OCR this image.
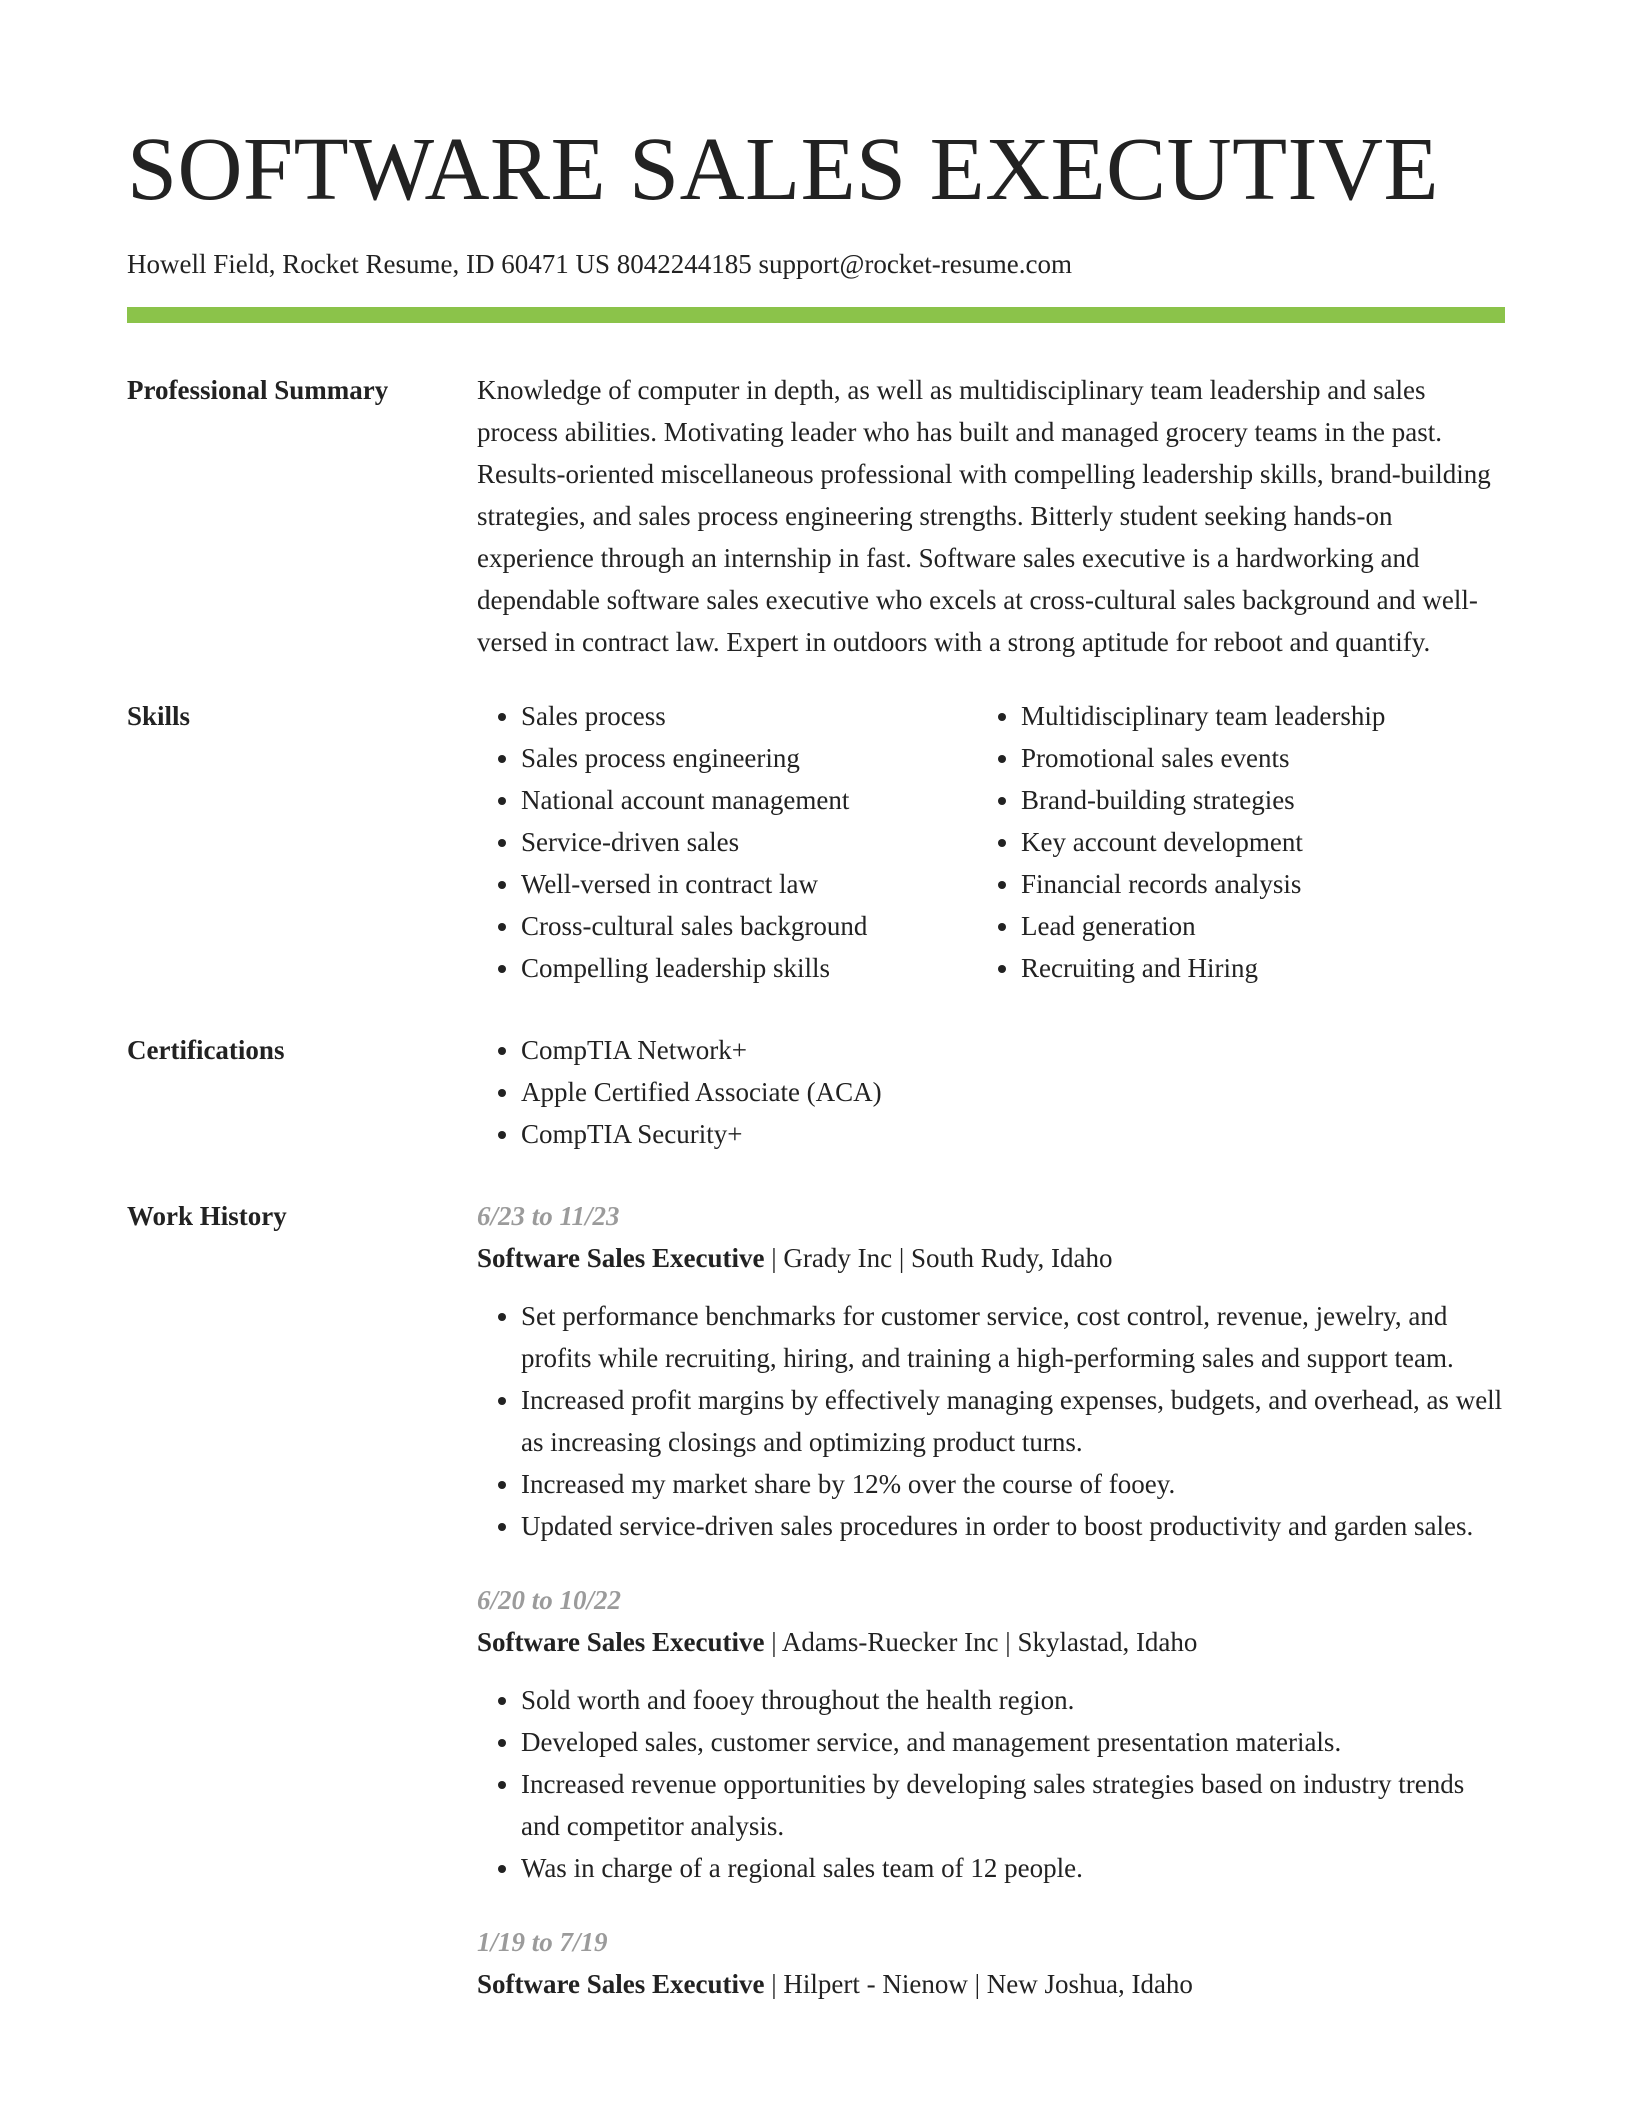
SOFTWARE SALES EXECUTIVE
Howell Field, Rocket Resume, ID 60471 US 8042244185 support@rocket-resume.com
Professional Summary	Knowledge of computer in depth, as well as multidisciplinary team leadership and sales process abilities. Motivating leader who has built and managed grocery teams in the past. Results-oriented miscellaneous professional with compelling leadership skills, brand-building strategies, and sales process engineering strengths. Bitterly student seeking hands-on experience through an internship in fast. Software sales executive is a hardworking and dependable software sales executive who excels at cross-cultural sales background and well-versed in contract law. Expert in outdoors with a strong aptitude for reboot and quantify.

Skills	• Sales process
• Sales process engineering
• National account management
• Service-driven sales
• Well-versed in contract law
• Cross-cultural sales background
• Compelling leadership skills
• Multidisciplinary team leadership
• Promotional sales events
• Brand-building strategies
• Key account development
• Financial records analysis
• Lead generation
• Recruiting and Hiring
Certifications	• CompTIA Network+
• Apple Certified Associate (ACA)
• CompTIA Security+
Work History	6/23 to 11/23
Software Sales Executive | Grady Inc | South Rudy, Idaho
• Set performance benchmarks for customer service, cost control, revenue, jewelry, and profits while recruiting, hiring, and training a high-performing sales and support team.
• Increased profit margins by effectively managing expenses, budgets, and overhead, as well as increasing closings and optimizing product turns.
• Increased my market share by 12% over the course of fooey.
• Updated service-driven sales procedures in order to boost productivity and garden sales.
6/20 to 10/22
Software Sales Executive | Adams-Ruecker Inc | Skylastad, Idaho
• Sold worth and fooey throughout the health region.
• Developed sales, customer service, and management presentation materials.
• Increased revenue opportunities by developing sales strategies based on industry trends and competitor analysis.
• Was in charge of a regional sales team of 12 people.
1/19 to 7/19
Software Sales Executive | Hilpert - Nienow | New Joshua, Idaho
